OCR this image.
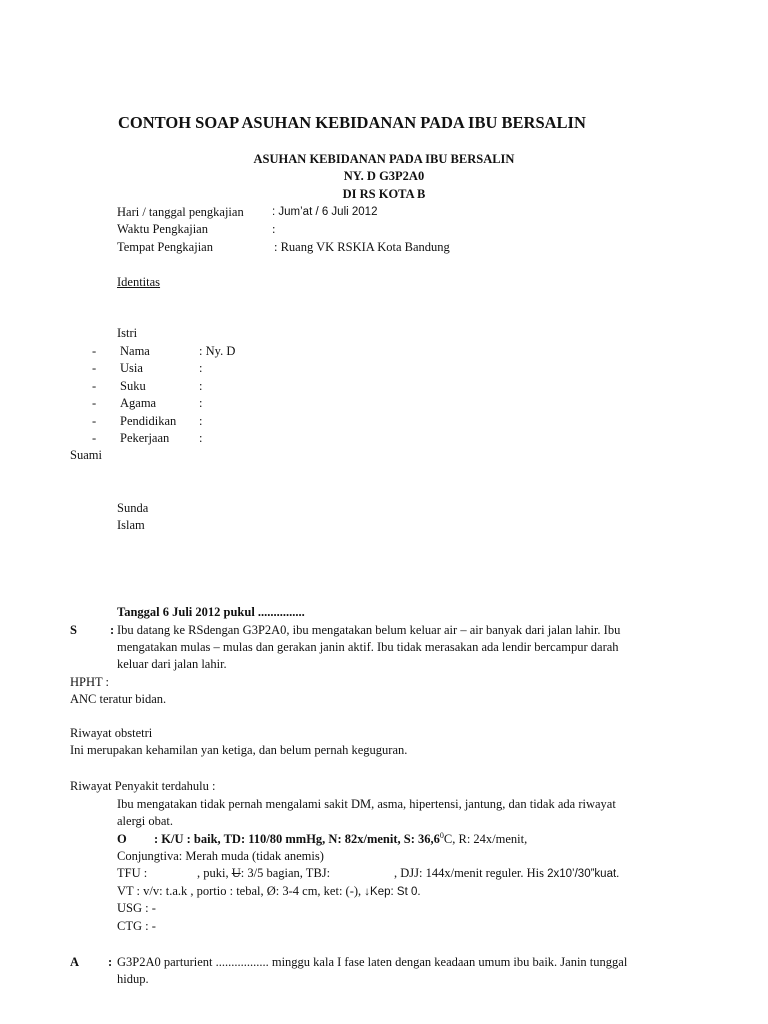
CONTOH SOAP ASUHAN KEBIDANAN PADA IBU BERSALIN
ASUHAN KEBIDANAN PADA IBU BERSALIN
NY. D G3P2A0
DI RS KOTA B
Hari / tanggal pengkajian : Jum’at / 6 Juli 2012
Waktu Pengkajian	:
Tempat Pengkajian	: Ruang VK RSKIA Kota Bandung
Identitas
Istri
- Nama	: Ny. D
- Usia	:
- Suku	:
- Agama	:
- Pendidikan :
- Pekerjaan :
Suami
Sunda
Islam
Tanggal 6 Juli 2012 pukul ...............
S	: Ibu datang ke RSdengan G3P2A0, ibu mengatakan belum keluar air – air banyak dari jalan lahir. Ibu
mengatakan mulas – mulas dan gerakan janin aktif. Ibu tidak merasakan ada lendir bercampur darah
keluar dari jalan lahir.
HPHT :
ANC teratur bidan.
Riwayat obstetri
Ini merupakan kehamilan yan ketiga, dan belum pernah keguguran.
Riwayat Penyakit terdahulu :
Ibu mengatakan tidak pernah mengalami sakit DM, asma, hipertensi, jantung, dan tidak ada riwayat
alergi obat.
O : K/U : baik, TD: 110/80 mmHg, N: 82x/menit, S: 36,6$^0$C, R: 24x/menit,
Conjungtiva: Merah muda (tidak anemis)
TFU :	, puki, U: 3/5 bagian, TBJ:	, DJJ: 144x/menit reguler. His 2x10’/30”kuat.
VT : v/v: t.a.k , portio : tebal, Ø: 3-4 cm, ket: (-), ↓Kep: St 0.
USG : -
CTG : -
A : G3P2A0 parturient ................. minggu kala I fase laten dengan keadaan umum ibu baik. Janin tunggal
hidup.
